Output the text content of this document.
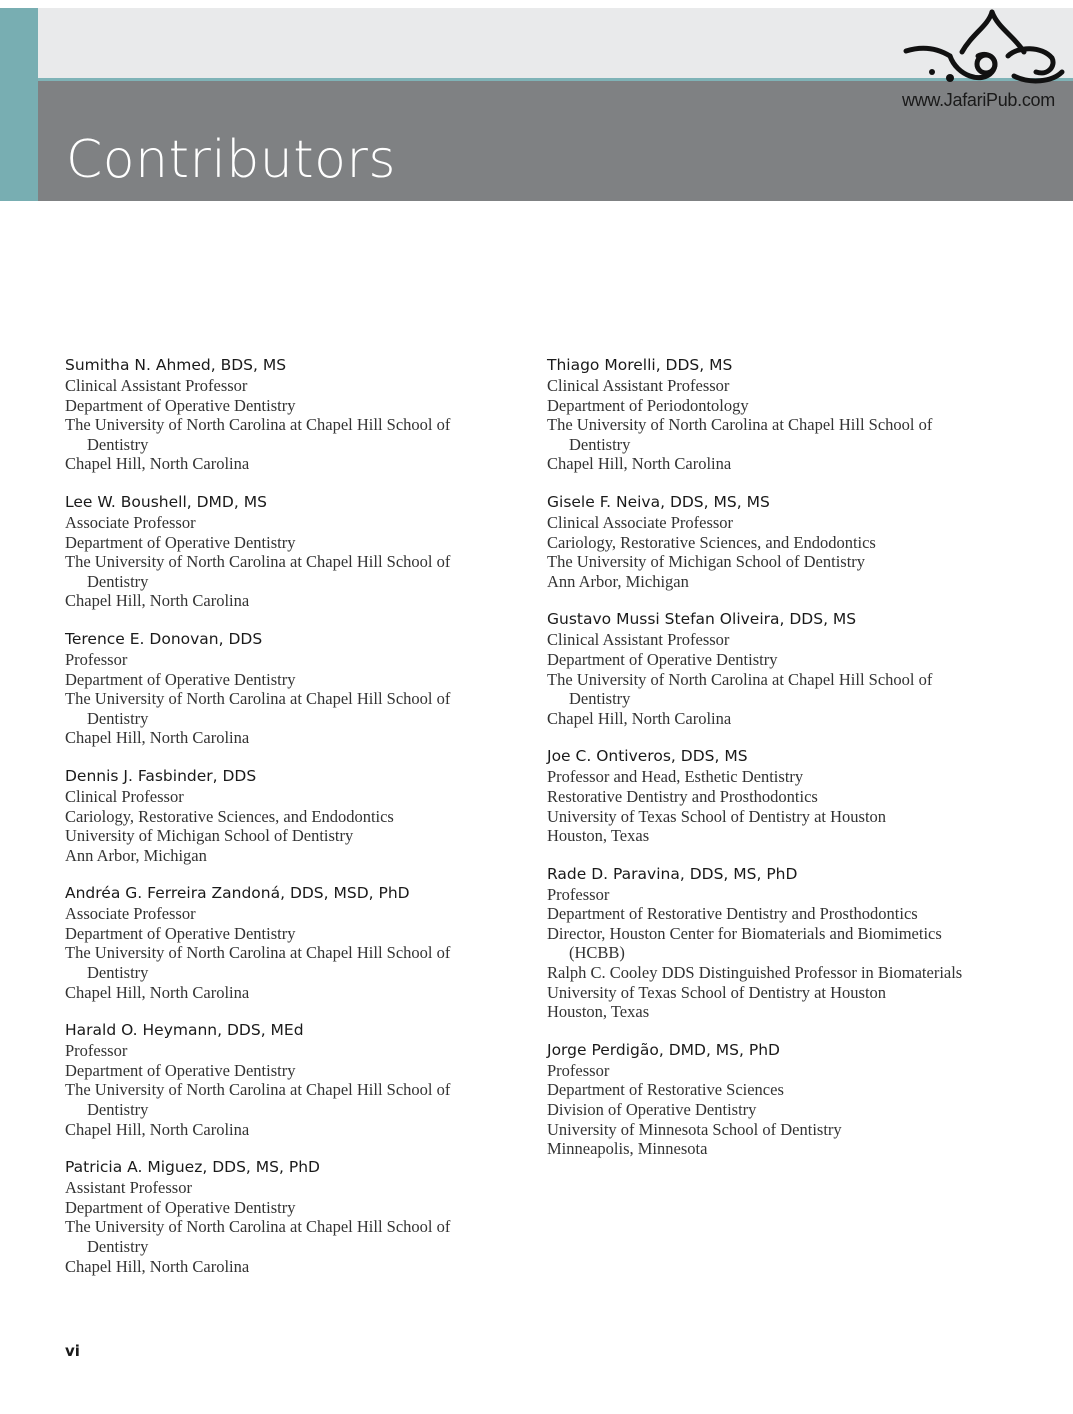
Contributors
www.JafariPub.com
Sumitha N. Ahmed, BDS, MS
Clinical Assistant Professor
Department of Operative Dentistry
The University of North Carolina at Chapel Hill School of Dentistry
Chapel Hill, North Carolina
Lee W. Boushell, DMD, MS
Associate Professor
Department of Operative Dentistry
The University of North Carolina at Chapel Hill School of Dentistry
Chapel Hill, North Carolina
Terence E. Donovan, DDS
Professor
Department of Operative Dentistry
The University of North Carolina at Chapel Hill School of Dentistry
Chapel Hill, North Carolina
Dennis J. Fasbinder, DDS
Clinical Professor
Cariology, Restorative Sciences, and Endodontics
University of Michigan School of Dentistry
Ann Arbor, Michigan
Andréa G. Ferreira Zandoná, DDS, MSD, PhD
Associate Professor
Department of Operative Dentistry
The University of North Carolina at Chapel Hill School of Dentistry
Chapel Hill, North Carolina
Harald O. Heymann, DDS, MEd
Professor
Department of Operative Dentistry
The University of North Carolina at Chapel Hill School of Dentistry
Chapel Hill, North Carolina
Patricia A. Miguez, DDS, MS, PhD
Assistant Professor
Department of Operative Dentistry
The University of North Carolina at Chapel Hill School of Dentistry
Chapel Hill, North Carolina
Thiago Morelli, DDS, MS
Clinical Assistant Professor
Department of Periodontology
The University of North Carolina at Chapel Hill School of Dentistry
Chapel Hill, North Carolina
Gisele F. Neiva, DDS, MS, MS
Clinical Associate Professor
Cariology, Restorative Sciences, and Endodontics
The University of Michigan School of Dentistry
Ann Arbor, Michigan
Gustavo Mussi Stefan Oliveira, DDS, MS
Clinical Assistant Professor
Department of Operative Dentistry
The University of North Carolina at Chapel Hill School of Dentistry
Chapel Hill, North Carolina
Joe C. Ontiveros, DDS, MS
Professor and Head, Esthetic Dentistry
Restorative Dentistry and Prosthodontics
University of Texas School of Dentistry at Houston
Houston, Texas
Rade D. Paravina, DDS, MS, PhD
Professor
Department of Restorative Dentistry and Prosthodontics
Director, Houston Center for Biomaterials and Biomimetics (HCBB)
Ralph C. Cooley DDS Distinguished Professor in Biomaterials
University of Texas School of Dentistry at Houston
Houston, Texas
Jorge Perdigão, DMD, MS, PhD
Professor
Department of Restorative Sciences
Division of Operative Dentistry
University of Minnesota School of Dentistry
Minneapolis, Minnesota
vi
